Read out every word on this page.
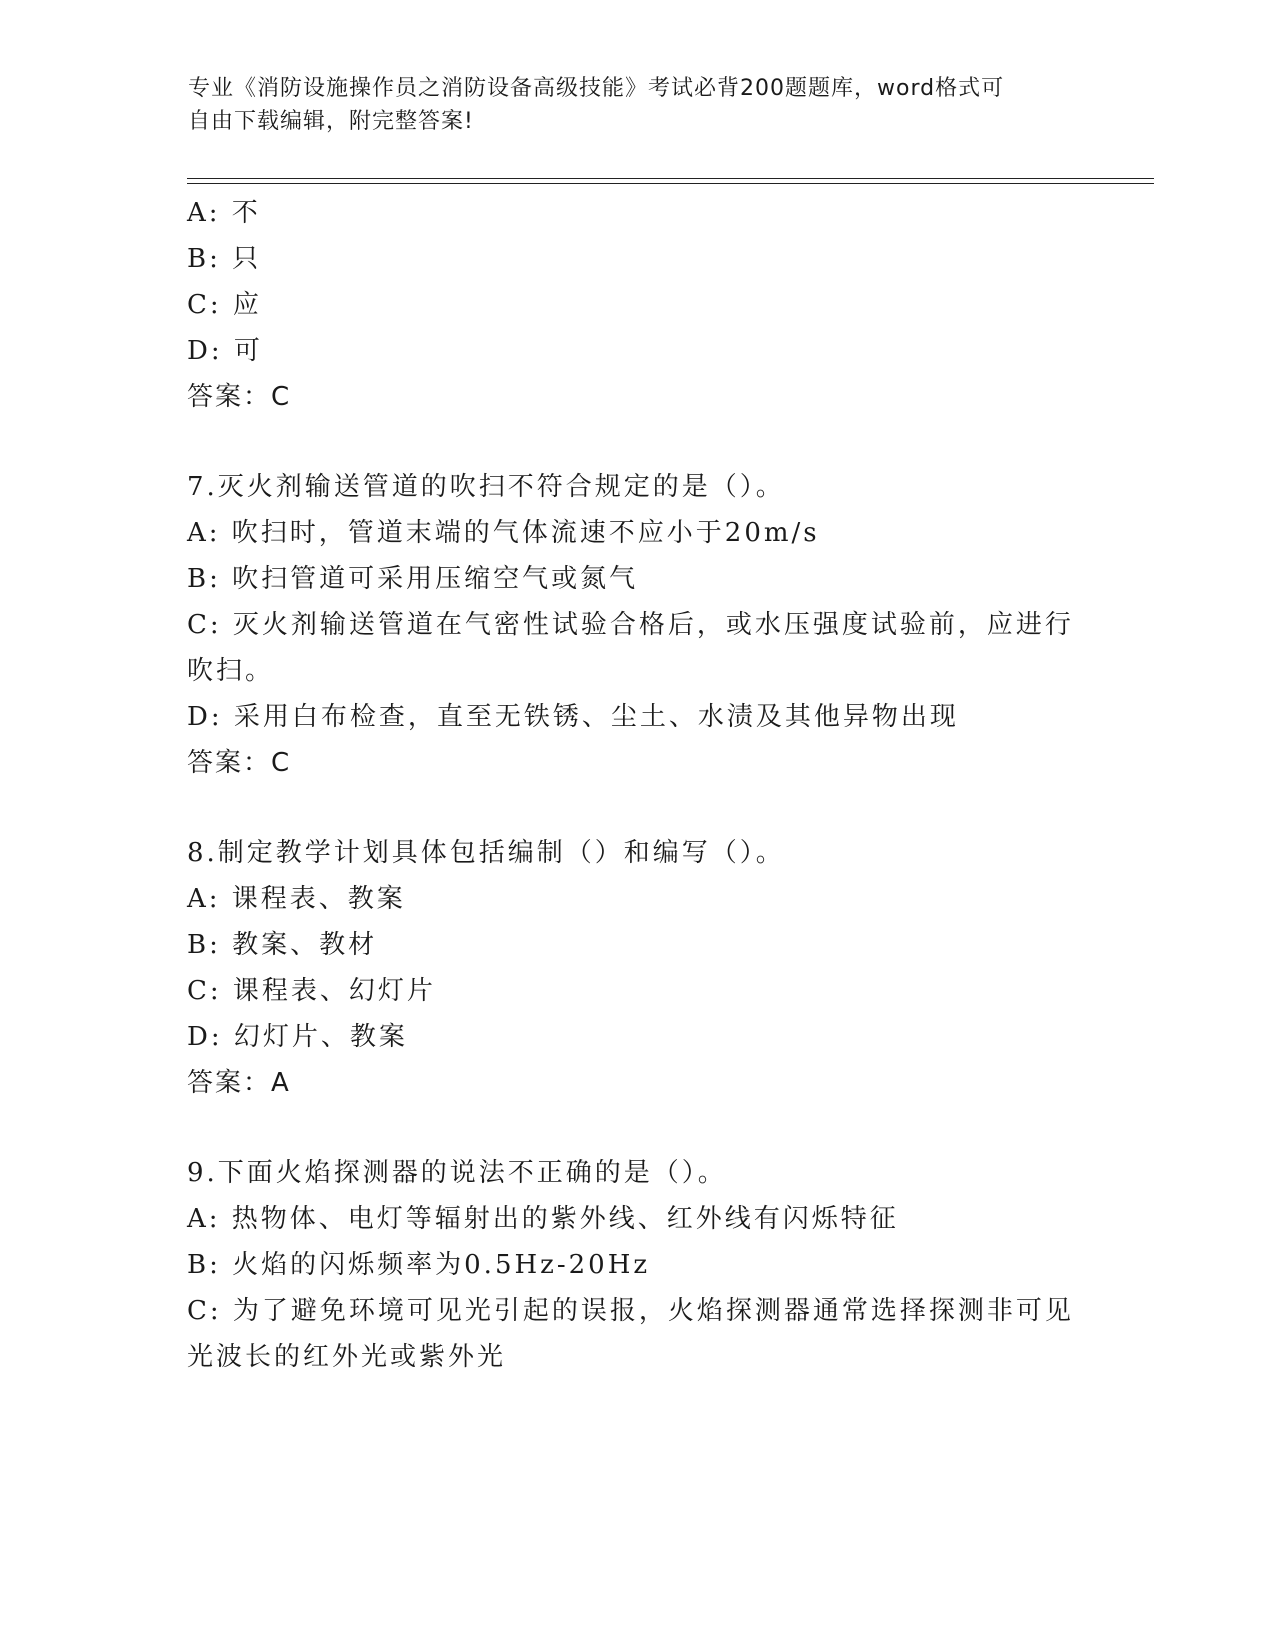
专业《消防设施操作员之消防设备高级技能》考试必背200题题库，word格式可
自由下载编辑，附完整答案!
A: 不
B: 只
C: 应
D: 可
答案：C
7.灭火剂输送管道的吹扫不符合规定的是（）。
A: 吹扫时，管道末端的气体流速不应小于20m/s
B: 吹扫管道可采用压缩空气或氮气
C: 灭火剂输送管道在气密性试验合格后，或水压强度试验前，应进行
吹扫。
D: 采用白布检查，直至无铁锈、尘土、水渍及其他异物出现
答案：C
8.制定教学计划具体包括编制（）和编写（）。
A: 课程表、教案
B: 教案、教材
C: 课程表、幻灯片
D: 幻灯片、教案
答案：A
9.下面火焰探测器的说法不正确的是（）。
A: 热物体、电灯等辐射出的紫外线、红外线有闪烁特征
B: 火焰的闪烁频率为0.5Hz-20Hz
C: 为了避免环境可见光引起的误报，火焰探测器通常选择探测非可见
光波长的红外光或紫外光
